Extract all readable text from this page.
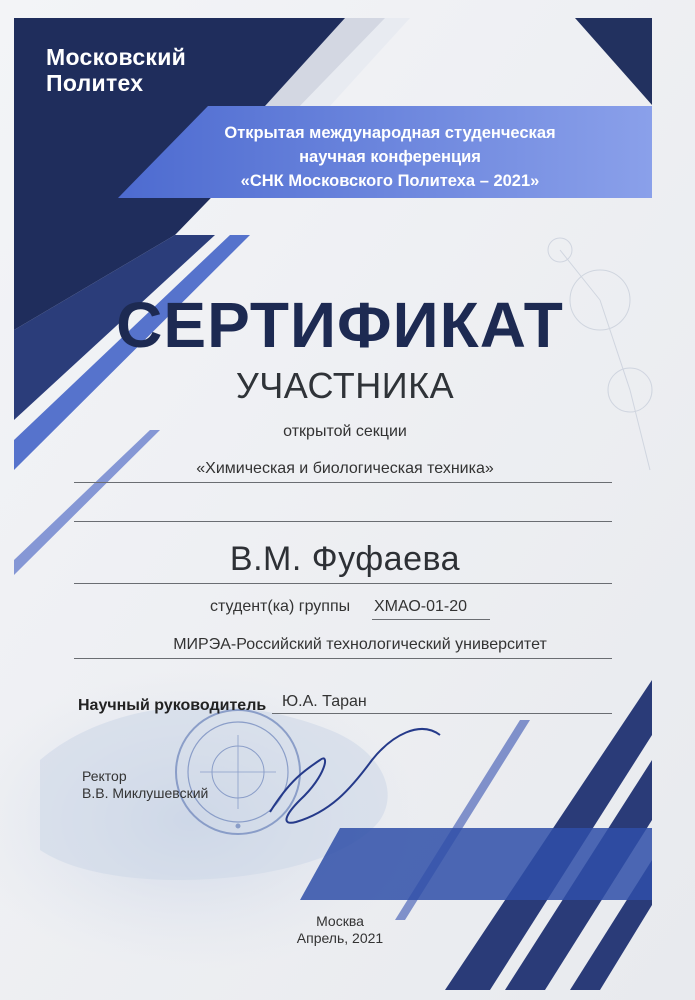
Московский

Политех

Открытая международная студенческая

научная конференция

«СНК Московского Политеха – 2021»

СЕРТИФИКАТ

УЧАСТНИКА

открытой секции

«Химическая и биологическая техника»

В.М. Фуфаева

студент(ка) группы ХМАО-01-20

МИРЭА-Российский технологический университет

Научный руководитель Ю.А. Таран

Ректор

В.В. Миклушевский

Москва

Апрель, 2021
